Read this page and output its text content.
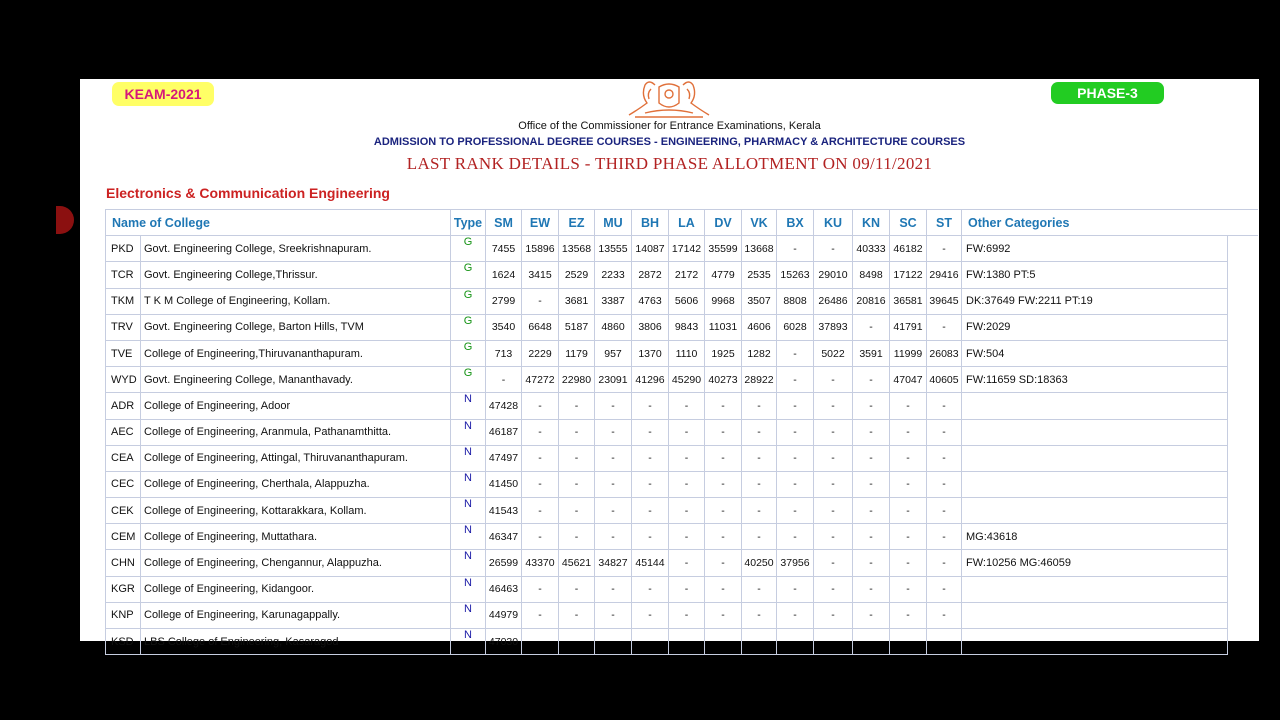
KEAM-2021	PHASE-3
Office of the Commissioner for Entrance Examinations, Kerala
ADMISSION TO PROFESSIONAL DEGREE COURSES - ENGINEERING, PHARMACY & ARCHITECTURE COURSES
LAST RANK DETAILS - THIRD PHASE ALLOTMENT ON 09/11/2021
Electronics & Communication Engineering
Name of College		Type	SM	EW	EZ	MU	BH	LA	DV	VK	BX	KU	KN	SC	ST	Other Categories	
PKD	Govt. Engineering College, Sreekrishnapuram.	G	7455	15896	13568	13555	14087	17142	35599	13668	-	-	40333	46182	-	FW:6992	
TCR	Govt. Engineering College,Thrissur.	G	1624	3415	2529	2233	2872	2172	4779	2535	15263	29010	8498	17122	29416	FW:1380 PT:5	
TKM	T K M College of Engineering, Kollam.	G	2799	-	3681	3387	4763	5606	9968	3507	8808	26486	20816	36581	39645	DK:37649 FW:2211 PT:19	
TRV	Govt. Engineering College, Barton Hills, TVM	G	3540	6648	5187	4860	3806	9843	11031	4606	6028	37893	-	41791	-	FW:2029	
TVE	College of Engineering,Thiruvananthapuram.	G	713	2229	1179	957	1370	1110	1925	1282	-	5022	3591	11999	26083	FW:504	
WYD	Govt. Engineering College, Mananthavady.	G	-	47272	22980	23091	41296	45290	40273	28922	-	-	-	47047	40605	FW:11659 SD:18363	
ADR	College of Engineering, Adoor	N	47428	-	-	-	-	-	-	-	-	-	-	-	-		
AEC	College of Engineering, Aranmula, Pathanamthitta.	N	46187	-	-	-	-	-	-	-	-	-	-	-	-		
CEA	College of Engineering, Attingal, Thiruvananthapuram.	N	47497	-	-	-	-	-	-	-	-	-	-	-	-		
CEC	College of Engineering, Cherthala, Alappuzha.	N	41450	-	-	-	-	-	-	-	-	-	-	-	-		
CEK	College of Engineering, Kottarakkara, Kollam.	N	41543	-	-	-	-	-	-	-	-	-	-	-	-		
CEM	College of Engineering, Muttathara.	N	46347	-	-	-	-	-	-	-	-	-	-	-	-	MG:43618	
CHN	College of Engineering, Chengannur, Alappuzha.	N	26599	43370	45621	34827	45144	-	-	40250	37956	-	-	-	-	FW:10256 MG:46059	
KGR	College of Engineering, Kidangoor.	N	46463	-	-	-	-	-	-	-	-	-	-	-	-		
KNP	College of Engineering, Karunagappally.	N	44979	-	-	-	-	-	-	-	-	-	-	-	-		
KSD	LBS College of Engineering, Kasaragod	N	47030														
